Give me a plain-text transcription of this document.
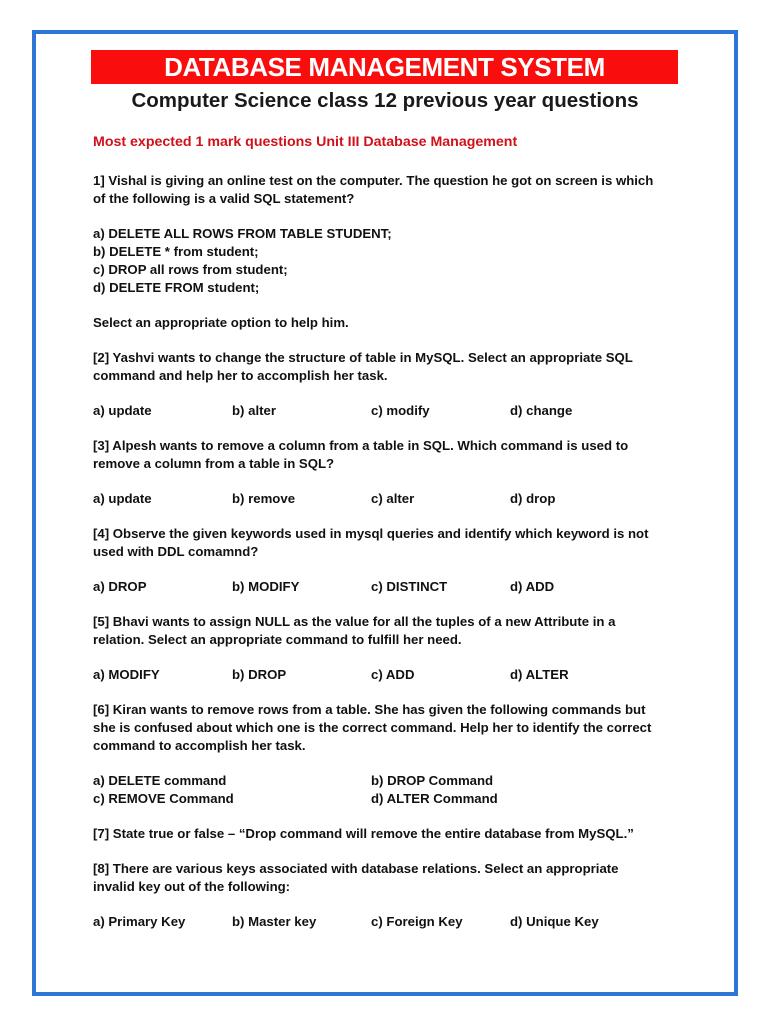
DATABASE MANAGEMENT SYSTEM
Computer Science class 12 previous year questions
Most expected 1 mark questions Unit III Database Management
1] Vishal is giving an online test on the computer. The question he got on screen is which
of the following is a valid SQL statement?
a) DELETE ALL ROWS FROM TABLE STUDENT;
b) DELETE * from student;
c) DROP all rows from student;
d) DELETE FROM student;
Select an appropriate option to help him.
[2] Yashvi wants to change the structure of table in MySQL. Select an appropriate SQL
command and help her to accomplish her task.
a) update	b) alter	c) modify	d) change
[3] Alpesh wants to remove a column from a table in SQL. Which command is used to
remove a column from a table in SQL?
a) update	b) remove	c) alter	d) drop
[4] Observe the given keywords used in mysql queries and identify which keyword is not
used with DDL comamnd?
a) DROP	b) MODIFY	c) DISTINCT	d) ADD
[5] Bhavi wants to assign NULL as the value for all the tuples of a new Attribute in a
relation. Select an appropriate command to fulfill her need.
a) MODIFY	b) DROP	c) ADD	d) ALTER
[6] Kiran wants to remove rows from a table. She has given the following commands but
she is confused about which one is the correct command. Help her to identify the correct
command to accomplish her task.
a) DELETE command	b) DROP Command
c) REMOVE Command	d) ALTER Command
[7] State true or false – “Drop command will remove the entire database from MySQL.”
[8] There are various keys associated with database relations. Select an appropriate
invalid key out of the following:
a) Primary Key	b) Master key	c) Foreign Key	d) Unique Key
